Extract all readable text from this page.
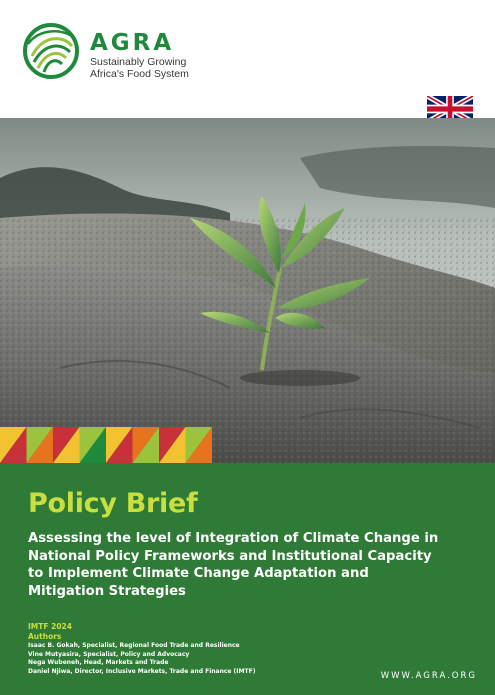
AGRA
Sustainably Growing
Africa's Food System
Policy Brief
Assessing the level of Integration of Climate Change in National Policy Frameworks and Institutional Capacity to Implement Climate Change Adaptation and Mitigation Strategies
IMTF 2024
Authors
Isaac B. Gokah, Specialist, Regional Food Trade and Resilience
Vine Mutyasira, Specialist, Policy and Advocacy
Nega Wubeneh, Head, Markets and Trade
Daniel Njiwa, Director, Inclusive Markets, Trade and Finance (IMTF)	WWW.AGRA.ORG
